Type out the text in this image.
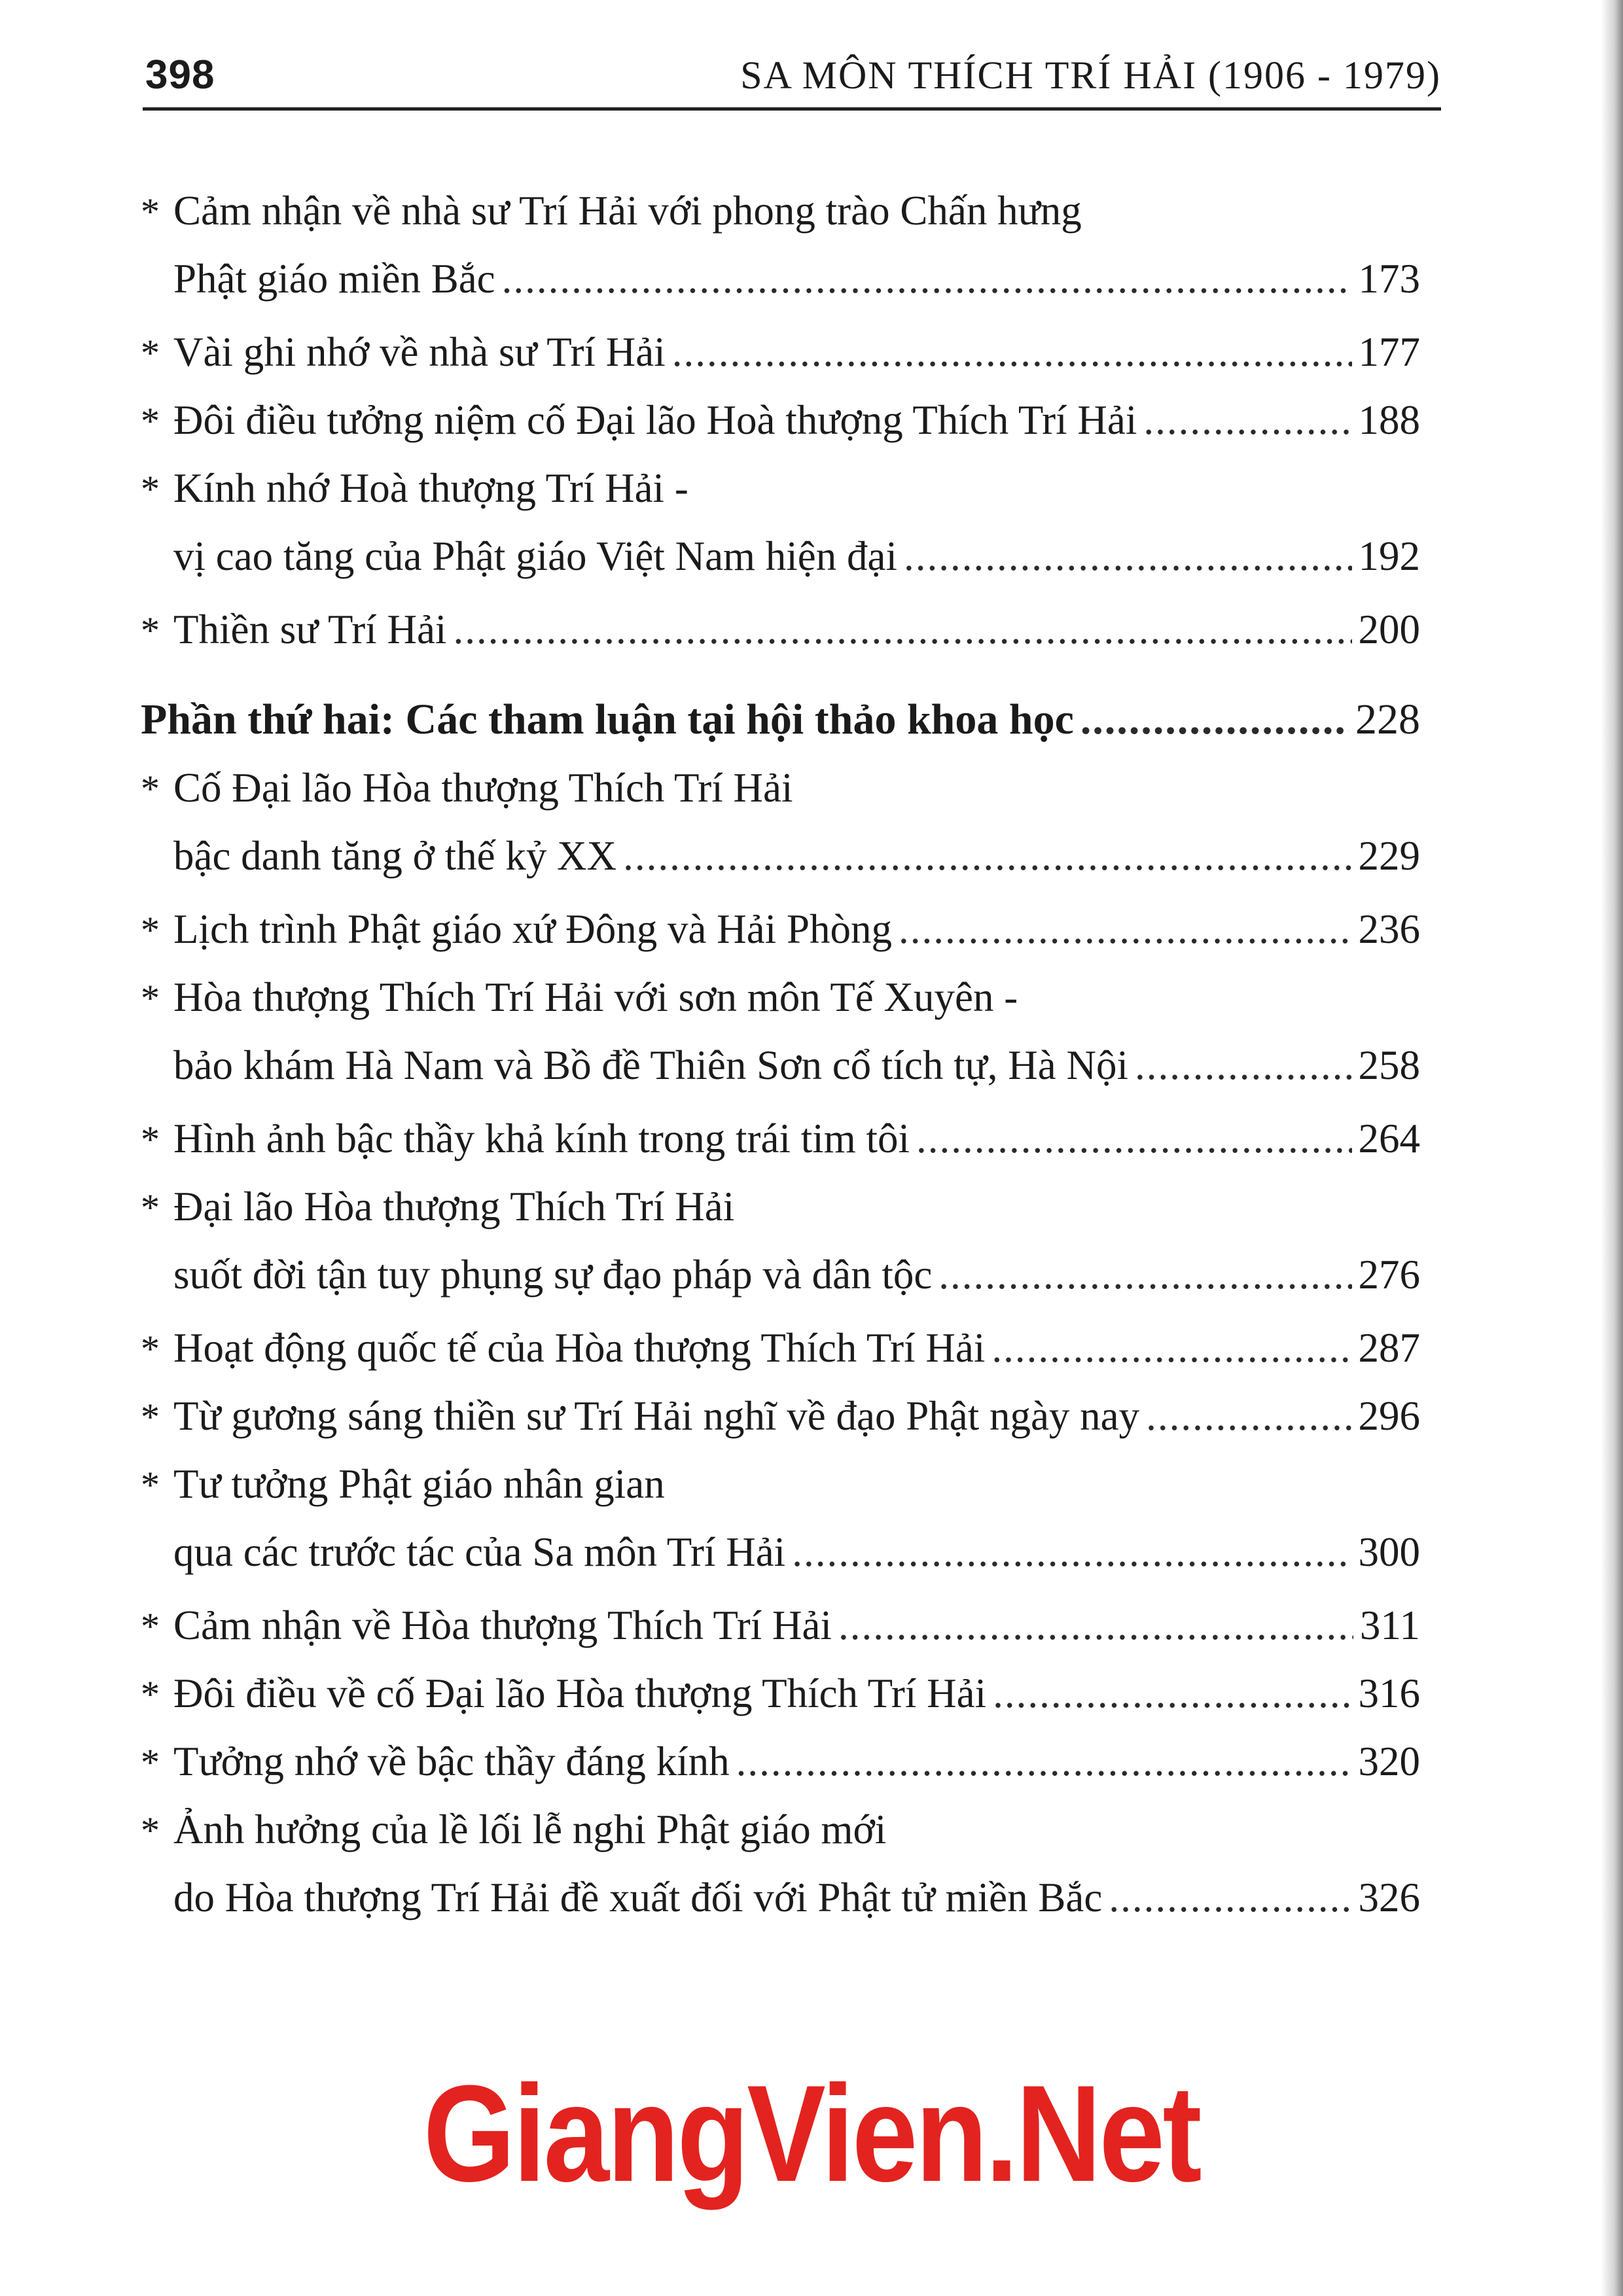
398	SA MÔN THÍCH TRÍ HẢI (1906 - 1979)
* Cảm nhận về nhà sư Trí Hải với phong trào Chấn hưng
Phật giáo miền Bắc .....	173
* Vài ghi nhớ về nhà sư Trí Hải .....	177
* Đôi điều tưởng niệm cố Đại lão Hoà thượng Thích Trí Hải .....	188
* Kính nhớ Hoà thượng Trí Hải -
vị cao tăng của Phật giáo Việt Nam hiện đại .....	192
* Thiền sư Trí Hải .....	200
Phần thứ hai: Các tham luận tại hội thảo khoa học .....	228
* Cố Đại lão Hòa thượng Thích Trí Hải
bậc danh tăng ở thế kỷ XX .....	229
* Lịch trình Phật giáo xứ Đông và Hải Phòng .....	236
* Hòa thượng Thích Trí Hải với sơn môn Tế Xuyên -
bảo khám Hà Nam và Bồ đề Thiên Sơn cổ tích tự, Hà Nội .....	258
* Hình ảnh bậc thầy khả kính trong trái tim tôi .....	264
* Đại lão Hòa thượng Thích Trí Hải
suốt đời tận tuy phụng sự đạo pháp và dân tộc .....	276
* Hoạt động quốc tế của Hòa thượng Thích Trí Hải .....	287
* Từ gương sáng thiền sư Trí Hải nghĩ về đạo Phật ngày nay .....	296
* Tư tưởng Phật giáo nhân gian
qua các trước tác của Sa môn Trí Hải .....	300
* Cảm nhận về Hòa thượng Thích Trí Hải .....	311
* Đôi điều về cố Đại lão Hòa thượng Thích Trí Hải .....	316
* Tưởng nhớ về bậc thầy đáng kính .....	320
* Ảnh hưởng của lề lối lễ nghi Phật giáo mới
do Hòa thượng Trí Hải đề xuất đối với Phật tử miền Bắc .....	326
GiangVien.Net
